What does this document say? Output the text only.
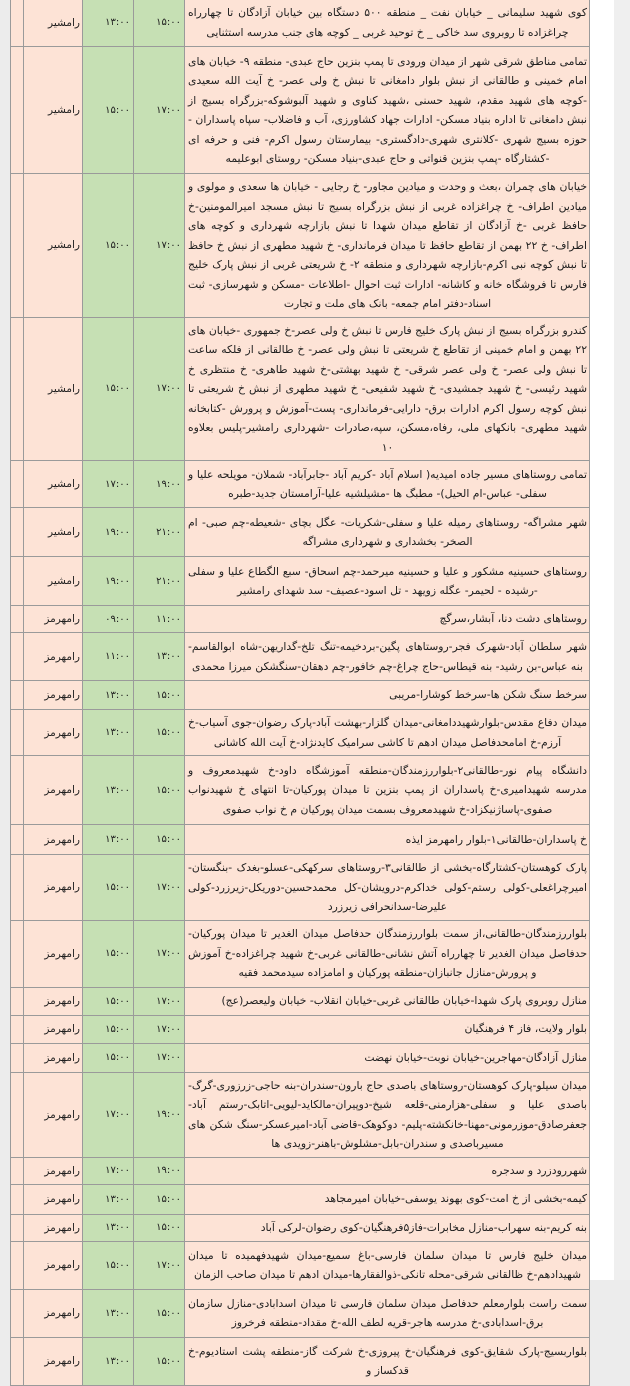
	رامشیر	۱۳:۰۰	۱۵:۰۰	کوی شهید سلیمانی _ خیابان نفت _ منطقه ۵۰۰ دستگاه بین خیابان آزادگان تا چهارراه چراغزاده تا روبروی سد خاکی _ خ توحید غربی _ کوچه های جنب مدرسه استثنایی
	رامشیر	۱۵:۰۰	۱۷:۰۰	تمامی مناطق شرقی شهر از میدان ورودی تا پمپ بنزین حاج عبدی- منطقه ۹- خیابان های امام خمینی و طالقانی از نبش بلوار دامغانی تا نبش خ ولی عصر- خ آیت الله سعیدی -کوچه های شهید مقدم، شهید حسنی ،شهید کناوی و شهید آلبوشوکه-بزرگراه بسیج از نبش دامغانی تا اداره بنیاد مسکن- ادارات جهاد کشاورزی، آب و فاضلاب- سپاه پاسداران - حوزه بسیج شهری -کلانتری شهری-دادگستری- بیمارستان رسول اکرم- فنی و حرفه ای -کشتارگاه -پمپ بنزین قنواتی و حاج عبدی-بنیاد مسکن- روستای ابوعلیمه
	رامشیر	۱۵:۰۰	۱۷:۰۰	خیابان های چمران ،بعث و وحدت و میادین مجاور- خ رجایی - خیابان ها سعدی و مولوی و میادین اطراف- خ چراغزاده غربی از نبش بزرگراه بسیج تا نبش مسجد امیرالمومنین-خ حافظ غربی -خ آزادگان از تقاطع میدان شهدا تا نبش بازارچه شهرداری و کوچه های اطراف- خ ۲۲ بهمن از تقاطع حافظ تا میدان فرمانداری- خ شهید مطهری از نبش خ حافظ تا نبش کوچه نبی اکرم-بازارچه شهرداری و منطقه ۲- خ شریعتی غربی از نبش پارک خلیج فارس تا فروشگاه خانه و کاشانه- ادارات ثبت احوال -اطلاعات -مسکن و شهرسازی- ثبت اسناد-دفتر امام جمعه- بانک های ملت و تجارت
	رامشیر	۱۵:۰۰	۱۷:۰۰	کندرو بزرگراه بسیج از نبش پارک خلیج فارس تا نبش خ ولی عصر-خ جمهوری -خیابان های ۲۲ بهمن و امام خمینی از تقاطع خ شریعتی تا نبش ولی عصر- خ طالقانی از فلکه ساعت تا نبش ولی عصر- خ ولی عصر شرقی- خ شهید بهشتی-خ شهید طاهری- خ منتظری خ شهید رئیسی- خ شهید جمشیدی- خ شهید شفیعی- خ شهید مطهری از نبش خ شریعتی تا نبش کوچه رسول اکرم ادارات برق- دارایی-فرمانداری- پست-آموزش و پرورش -کتابخانه شهید مطهری- بانکهای ملی، رفاه،مسکن، سپه،صادرات -شهرداری رامشیر-پلیس بعلاوه ۱۰
	رامشیر	۱۷:۰۰	۱۹:۰۰	تمامی روستاهای مسیر جاده امیدیه( اسلام آباد -کریم آباد -جابرآباد- شملان- مویلحه علیا و سفلی- عباس-ام الحیل)- مطبگ ها -مشیلشیه علیا-آرامستان جدید-طبره
	رامشیر	۱۹:۰۰	۲۱:۰۰	شهر مشراگه- روستاهای رمیله علیا و سفلی-شکریات- عگل بچای -شعیطه-چم صبی- ام الصخر- بخشداری و شهرداری مشراگه
	رامشیر	۱۹:۰۰	۲۱:۰۰	روستاهای حسینیه مشکور و علیا و حسینیه میرحمد-چم اسحاق- سبع الگطاع علیا و سفلی -رشیده - لحیمر- عگله زویهد - تل اسود-عصیف- سد شهدای رامشیر
	رامهرمز	۰۹:۰۰	۱۱:۰۰	روستاهای دشت دنا، آبشار،سرگچ
	رامهرمز	۱۱:۰۰	۱۳:۰۰	شهر سلطان آباد-شهرک فجر-روستاهای پگین-بردخیمه-تنگ تلخ-گداریهن-شاه ابوالقاسم-بنه عباس-بن رشید- بنه قیطاس-حاج چراغ-چم خافور-چم دهقان-سنگشکن میرزا محمدی
	رامهرمز	۱۳:۰۰	۱۵:۰۰	سرخط سنگ شکن ها-سرخط کوشارا-مریبی
	رامهرمز	۱۳:۰۰	۱۵:۰۰	میدان دفاع مقدس-بلوارشهیددامغانی-میدان گلزار-بهشت آباد-پارک رضوان-جوی آسیاب-خ آرزم-خ امامحدفاصل میدان ادهم تا کاشی سرامیک کایدنژاد-خ آیت الله کاشانی
	رامهرمز	۱۳:۰۰	۱۵:۰۰	دانشگاه پیام نور-طالقانی۲-بلواررزمندگان-منطقه آموزشگاه داود-خ شهیدمعروف و مدرسه شهیدامیری-خ پاسداران از پمپ بنزین تا میدان پورکیان-تا انتهای خ شهیدنواب صفوی-پاساژنیکزاد-خ شهیدمعروف بسمت میدان پورکیان م خ نواب صفوی
	رامهرمز	۱۳:۰۰	۱۵:۰۰	خ پاسداران-طالقانی۱-بلوار رامهرمز ایذه
	رامهرمز	۱۵:۰۰	۱۷:۰۰	پارک کوهستان-کشتارگاه-بخشی از طالقانی۳-روستاهای سرکهکی-عسلو-بغدک -بنگستان-امیرچراغعلی-کولی رستم-کولی خداکرم-درویشان-کل محمدحسین-دوریکل-زیرزرد-کولی علیرضا-سدانحرافی زیرزرد
	رامهرمز	۱۵:۰۰	۱۷:۰۰	بلواررزمندگان-طالقانی،از سمت بلواررزمندگان حدفاصل میدان الغدیر تا میدان پورکیان-حدفاصل میدان الغدیر تا چهارراه آتش نشانی-طالقانی غربی-خ شهید چراغزاده-خ آموزش و پرورش-منازل جانبازان-منطقه پورکیان و امامزاده سیدمحمد فقیه
	رامهرمز	۱۵:۰۰	۱۷:۰۰	منازل روبروی پارک شهدا-خیابان طالقانی غربی-خیابان انقلاب- خیابان ولیعصر(عج)
	رامهرمز	۱۵:۰۰	۱۷:۰۰	بلوار ولایت، فاز ۴ فرهنگیان
	رامهرمز	۱۵:۰۰	۱۷:۰۰	منازل آزادگان-مهاجرین-خیابان نوبت-خیابان نهضت
	رامهرمز	۱۷:۰۰	۱۹:۰۰	میدان سیلو-پارک کوهستان-روستاهای باصدی حاج بارون-سندران-بنه حاجی-زرزوری-گرگ-باصدی علیا و سفلی-هزارمنی-قلعه شیخ-دوپیران-مالکاید-لیویی-اتابک-رستم آباد-جعفرصادق-موزرمونی-مهنا-خانکشته-پلیم- دوکوهک-قاضی آباد-امیرعسکر-سنگ شکن های مسیرباصدی و سندران-بابل-مشلوش-باهنر-زویدی ها
	رامهرمز	۱۷:۰۰	۱۹:۰۰	شهررودزرد و سدجره
	رامهرمز	۱۳:۰۰	۱۵:۰۰	کیمه-بخشی از خ امت-کوی بهوند یوسفی-خیابان امیرمجاهد
	رامهرمز	۱۳:۰۰	۱۵:۰۰	بنه کریم-بنه سهراب-منازل مخابرات-فاز۵فرهنگیان-کوی رضوان-لرکی آباد
	رامهرمز	۱۵:۰۰	۱۷:۰۰	میدان خلیج فارس تا میدان سلمان فارسی-باغ سمیع-میدان شهیدفهمیده تا میدان شهیدادهم-خ ظالقانی شرقی-محله تانکی-ذوالفقارها-میدان ادهم تا میدان صاحب الزمان
	رامهرمز	۱۳:۰۰	۱۵:۰۰	سمت راست بلوارمعلم حدفاصل میدان سلمان فارسی تا میدان اسدابادی-منازل سازمان برق-اسدابادی-خ مدرسه هاجر-قریه لطف الله-خ مقداد-منطقه فرخروز
	رامهرمز	۱۳:۰۰	۱۵:۰۰	بلواربسیج-پارک شقایق-کوی فرهنگیان-خ پیروزی-خ شرکت گاز-منطقه پشت استادیوم-خ قدکساز و
